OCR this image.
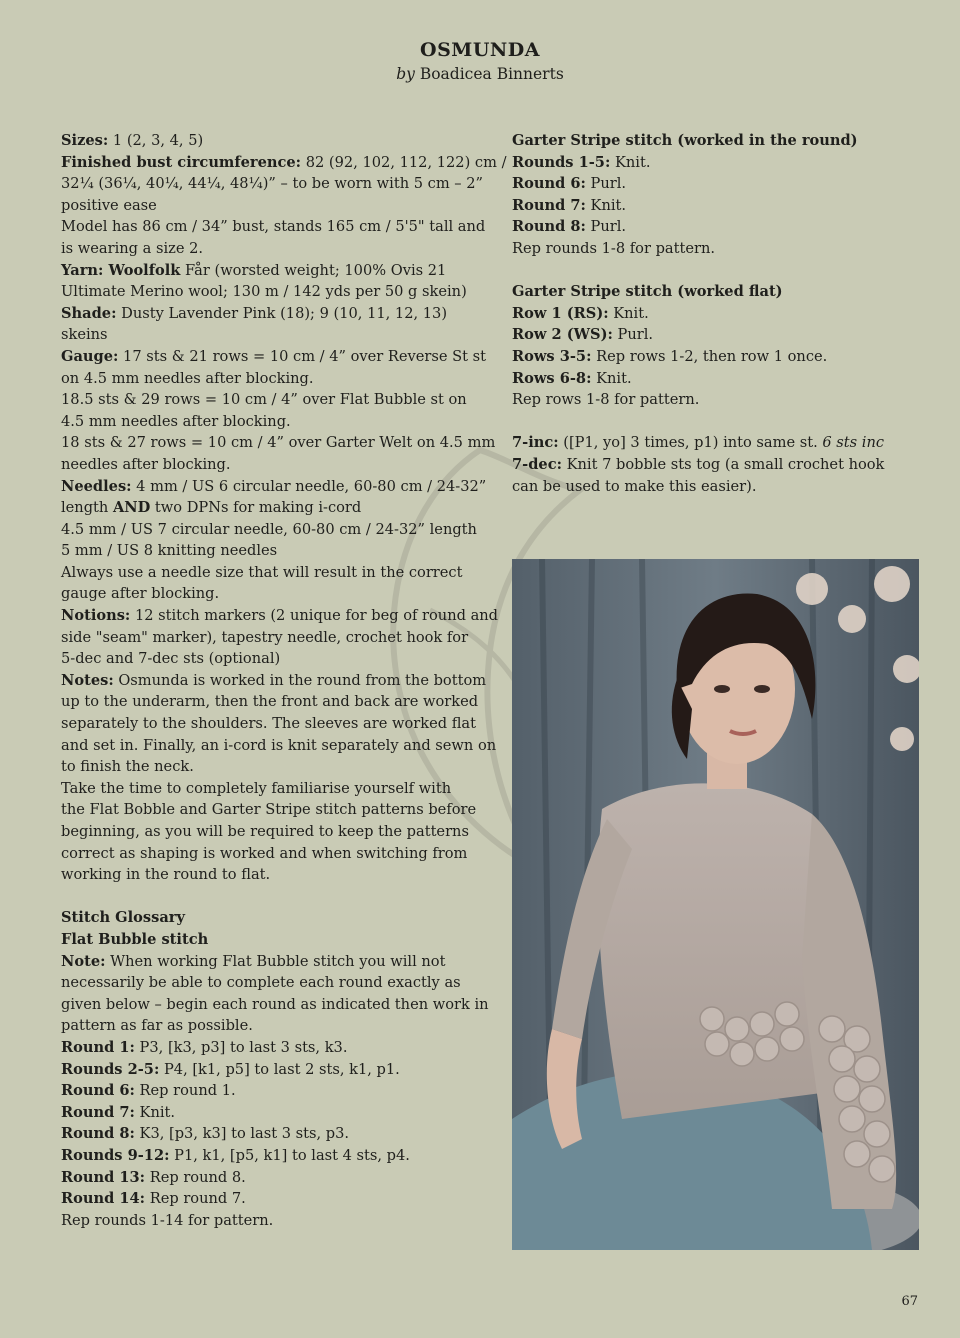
OSMUNDA
by Boadicea Binnerts
Sizes: 1 (2, 3, 4, 5)
Finished bust circumference: 82 (92, 102, 112, 122) cm /
32¼ (36¼, 40¼, 44¼, 48¼)” – to be worn with 5 cm – 2”
positive ease
Model has 86 cm / 34” bust, stands 165 cm / 5'5" tall and
is wearing a size 2.
Yarn: Woolfolk Får (worsted weight; 100% Ovis 21
Ultimate Merino wool; 130 m / 142 yds per 50 g skein)
Shade: Dusty Lavender Pink (18); 9 (10, 11, 12, 13)
skeins
Gauge: 17 sts & 21 rows = 10 cm / 4” over Reverse St st
on 4.5 mm needles after blocking.
18.5 sts & 29 rows = 10 cm / 4” over Flat Bubble st on
4.5 mm needles after blocking.
18 sts & 27 rows = 10 cm / 4” over Garter Welt on 4.5 mm
needles after blocking.
Needles: 4 mm / US 6 circular needle, 60-80 cm / 24-32”
length AND two DPNs for making i-cord
4.5 mm / US 7 circular needle, 60-80 cm / 24-32” length
5 mm / US 8 knitting needles
Always use a needle size that will result in the correct
gauge after blocking.
Notions: 12 stitch markers (2 unique for beg of round and
side "seam" marker), tapestry needle, crochet hook for
5-dec and 7-dec sts (optional)
Notes: Osmunda is worked in the round from the bottom
up to the underarm, then the front and back are worked
separately to the shoulders. The sleeves are worked flat
and set in. Finally, an i-cord is knit separately and sewn on
to finish the neck.
Take the time to completely familiarise yourself with
the Flat Bobble and Garter Stripe stitch patterns before
beginning, as you will be required to keep the patterns
correct as shaping is worked and when switching from
working in the round to flat.
Stitch Glossary
Flat Bubble stitch
Note: When working Flat Bubble stitch you will not
necessarily be able to complete each round exactly as
given below – begin each round as indicated then work in
pattern as far as possible.
Round 1: P3, [k3, p3] to last 3 sts, k3.
Rounds 2-5: P4, [k1, p5] to last 2 sts, k1, p1.
Round 6: Rep round 1.
Round 7: Knit.
Round 8: K3, [p3, k3] to last 3 sts, p3.
Rounds 9-12: P1, k1, [p5, k1] to last 4 sts, p4.
Round 13: Rep round 8.
Round 14: Rep round 7.
Rep rounds 1-14 for pattern.
Garter Stripe stitch (worked in the round)
Rounds 1-5: Knit.
Round 6: Purl.
Round 7: Knit.
Round 8: Purl.
Rep rounds 1-8 for pattern.
Garter Stripe stitch (worked flat)
Row 1 (RS): Knit.
Row 2 (WS): Purl.
Rows 3-5: Rep rows 1-2, then row 1 once.
Rows 6-8: Knit.
Rep rows 1-8 for pattern.
7-inc: ([P1, yo] 3 times, p1) into same st. 6 sts inc
7-dec: Knit 7 bobble sts tog (a small crochet hook
can be used to make this easier).
67
